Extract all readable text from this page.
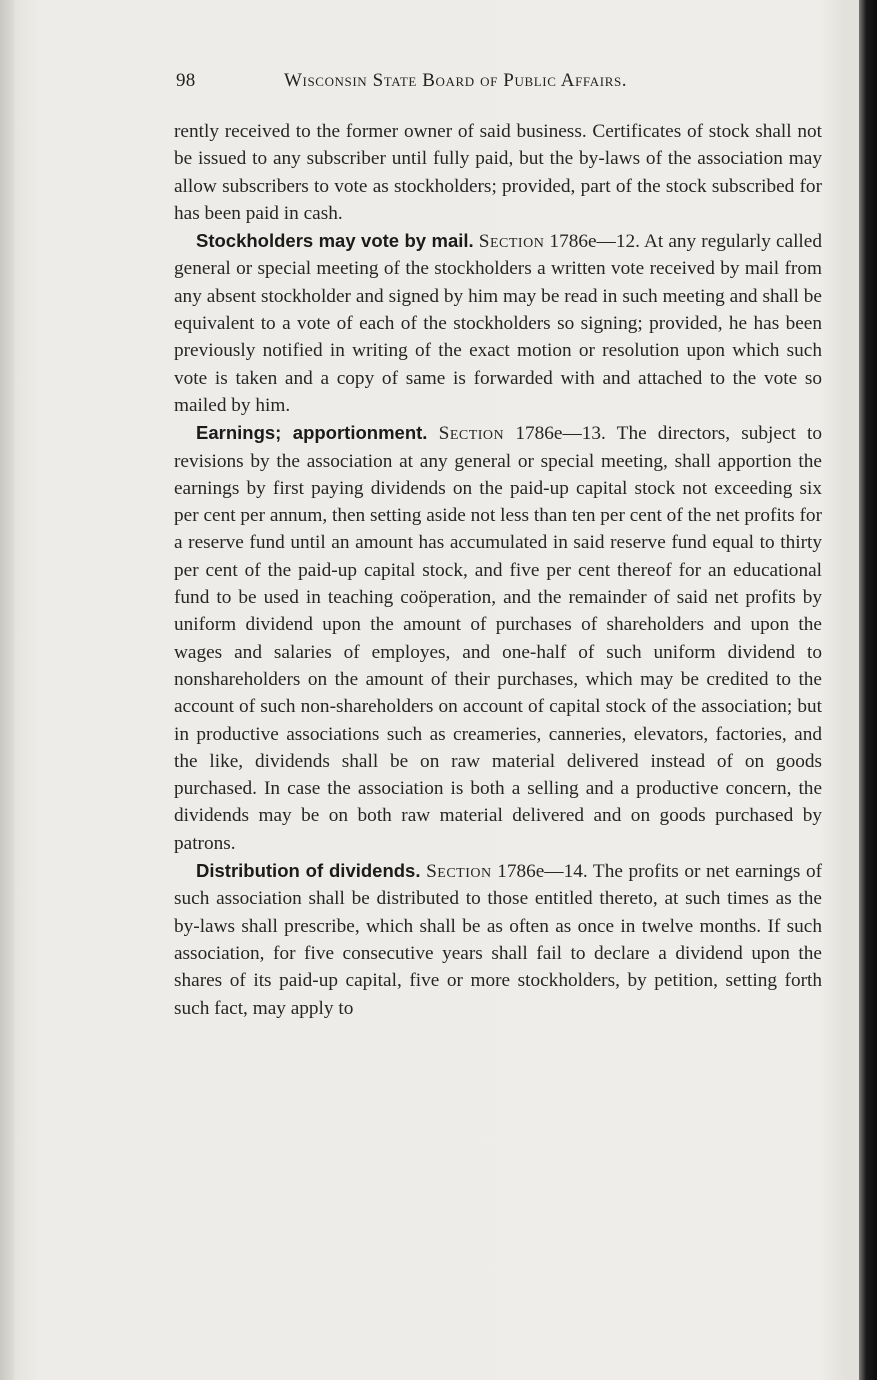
98	Wisconsin State Board of Public Affairs.

rently received to the former owner of said business. Certificates of stock shall not be issued to any subscriber until fully paid, but the by-laws of the association may allow subscribers to vote as stockholders; provided, part of the stock subscribed for has been paid in cash.

Stockholders may vote by mail. Section 1786e—12. At any regularly called general or special meeting of the stockholders a written vote received by mail from any absent stockholder and signed by him may be read in such meeting and shall be equivalent to a vote of each of the stockholders so signing; provided, he has been previously notified in writing of the exact motion or resolution upon which such vote is taken and a copy of same is forwarded with and attached to the vote so mailed by him.

Earnings; apportionment. Section 1786e—13. The directors, subject to revisions by the association at any general or special meeting, shall apportion the earnings by first paying dividends on the paid-up capital stock not exceeding six per cent per annum, then setting aside not less than ten per cent of the net profits for a reserve fund until an amount has accumulated in said reserve fund equal to thirty per cent of the paid-up capital stock, and five per cent thereof for an educational fund to be used in teaching coöperation, and the remainder of said net profits by uniform dividend upon the amount of purchases of shareholders and upon the wages and salaries of employes, and one-half of such uniform dividend to nonshareholders on the amount of their purchases, which may be credited to the account of such non-shareholders on account of capital stock of the association; but in productive associations such as creameries, canneries, elevators, factories, and the like, dividends shall be on raw material delivered instead of on goods purchased. In case the association is both a selling and a productive concern, the dividends may be on both raw material delivered and on goods purchased by patrons.

Distribution of dividends. Section 1786e—14. The profits or net earnings of such association shall be distributed to those entitled thereto, at such times as the by-laws shall prescribe, which shall be as often as once in twelve months. If such association, for five consecutive years shall fail to declare a dividend upon the shares of its paid-up capital, five or more stockholders, by petition, setting forth such fact, may apply to
